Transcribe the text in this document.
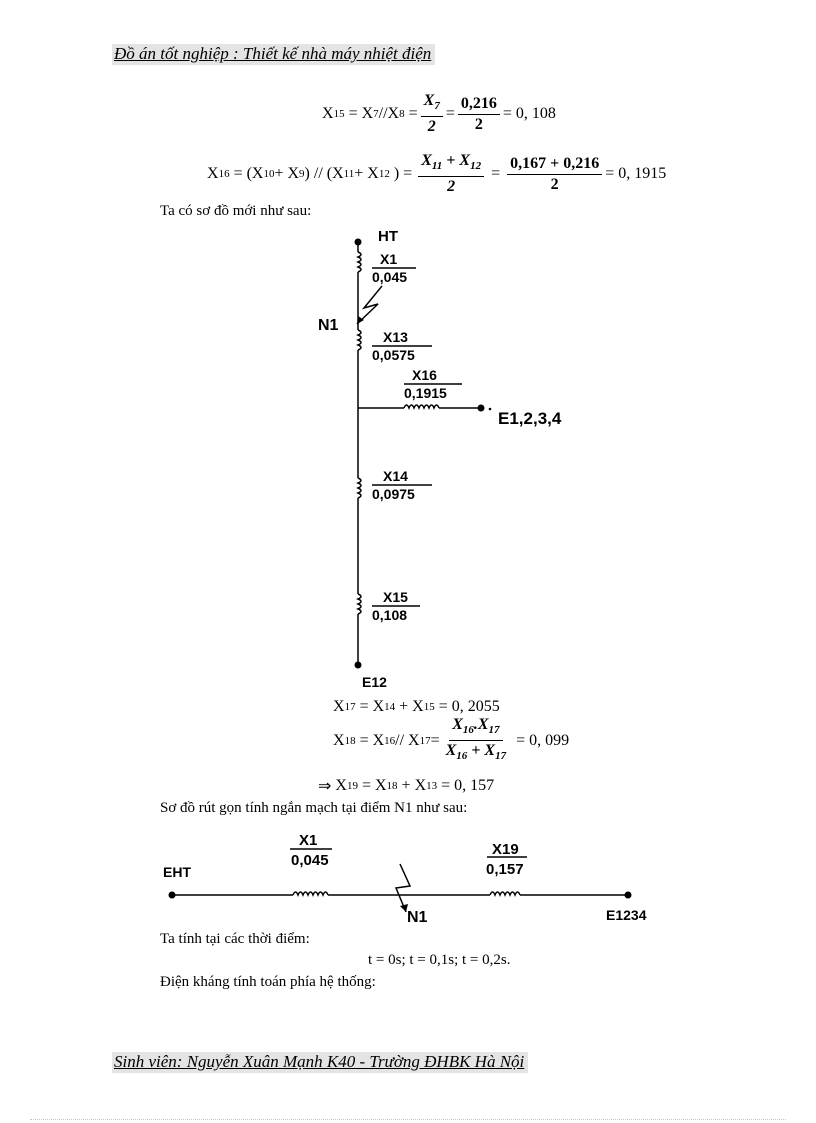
Đồ án tốt nghiệp : Thiết kế nhà máy nhiệt điện
X 15 = X 7 // X $8 = \frac{X_7}{2} = \frac{0,216}{2} = 0$, 108
X 16
= (X 10 + X 9 ) // (X 11 + X 12
) = $\frac{X_{11} + X_{12}}{2} = \frac{0,167 + 0,216}{2} = 0$, 1915
Ta có sơ đồ mới như sau:
HT
X1
0,045
N1
X13
0,0575
X16
0,1915
E1,2,3,4
X14
0,0975
X15
0,108
E12
X 17
= X 14
+ X 15
= 0, 2055
X 18
= X 16 // X $17 = \frac{X_{16}.X_{17}}{X_{16} + X_{17}}$
= 0, 099
⇒
X 19
= X 18
+ X 13
= 0, 157
Sơ đồ rút gọn tính ngắn mạch tại điểm N1 như sau:
EHT
X1
0,045
N1
X19
0,157
E1234
Ta tính tại các thời điểm:
t = 0s; t = 0,1s; t = 0,2s.
Điện kháng tính toán phía hệ thống:
Sinh viên: Nguyễn Xuân Mạnh K40 - Trường ĐHBK Hà Nội
